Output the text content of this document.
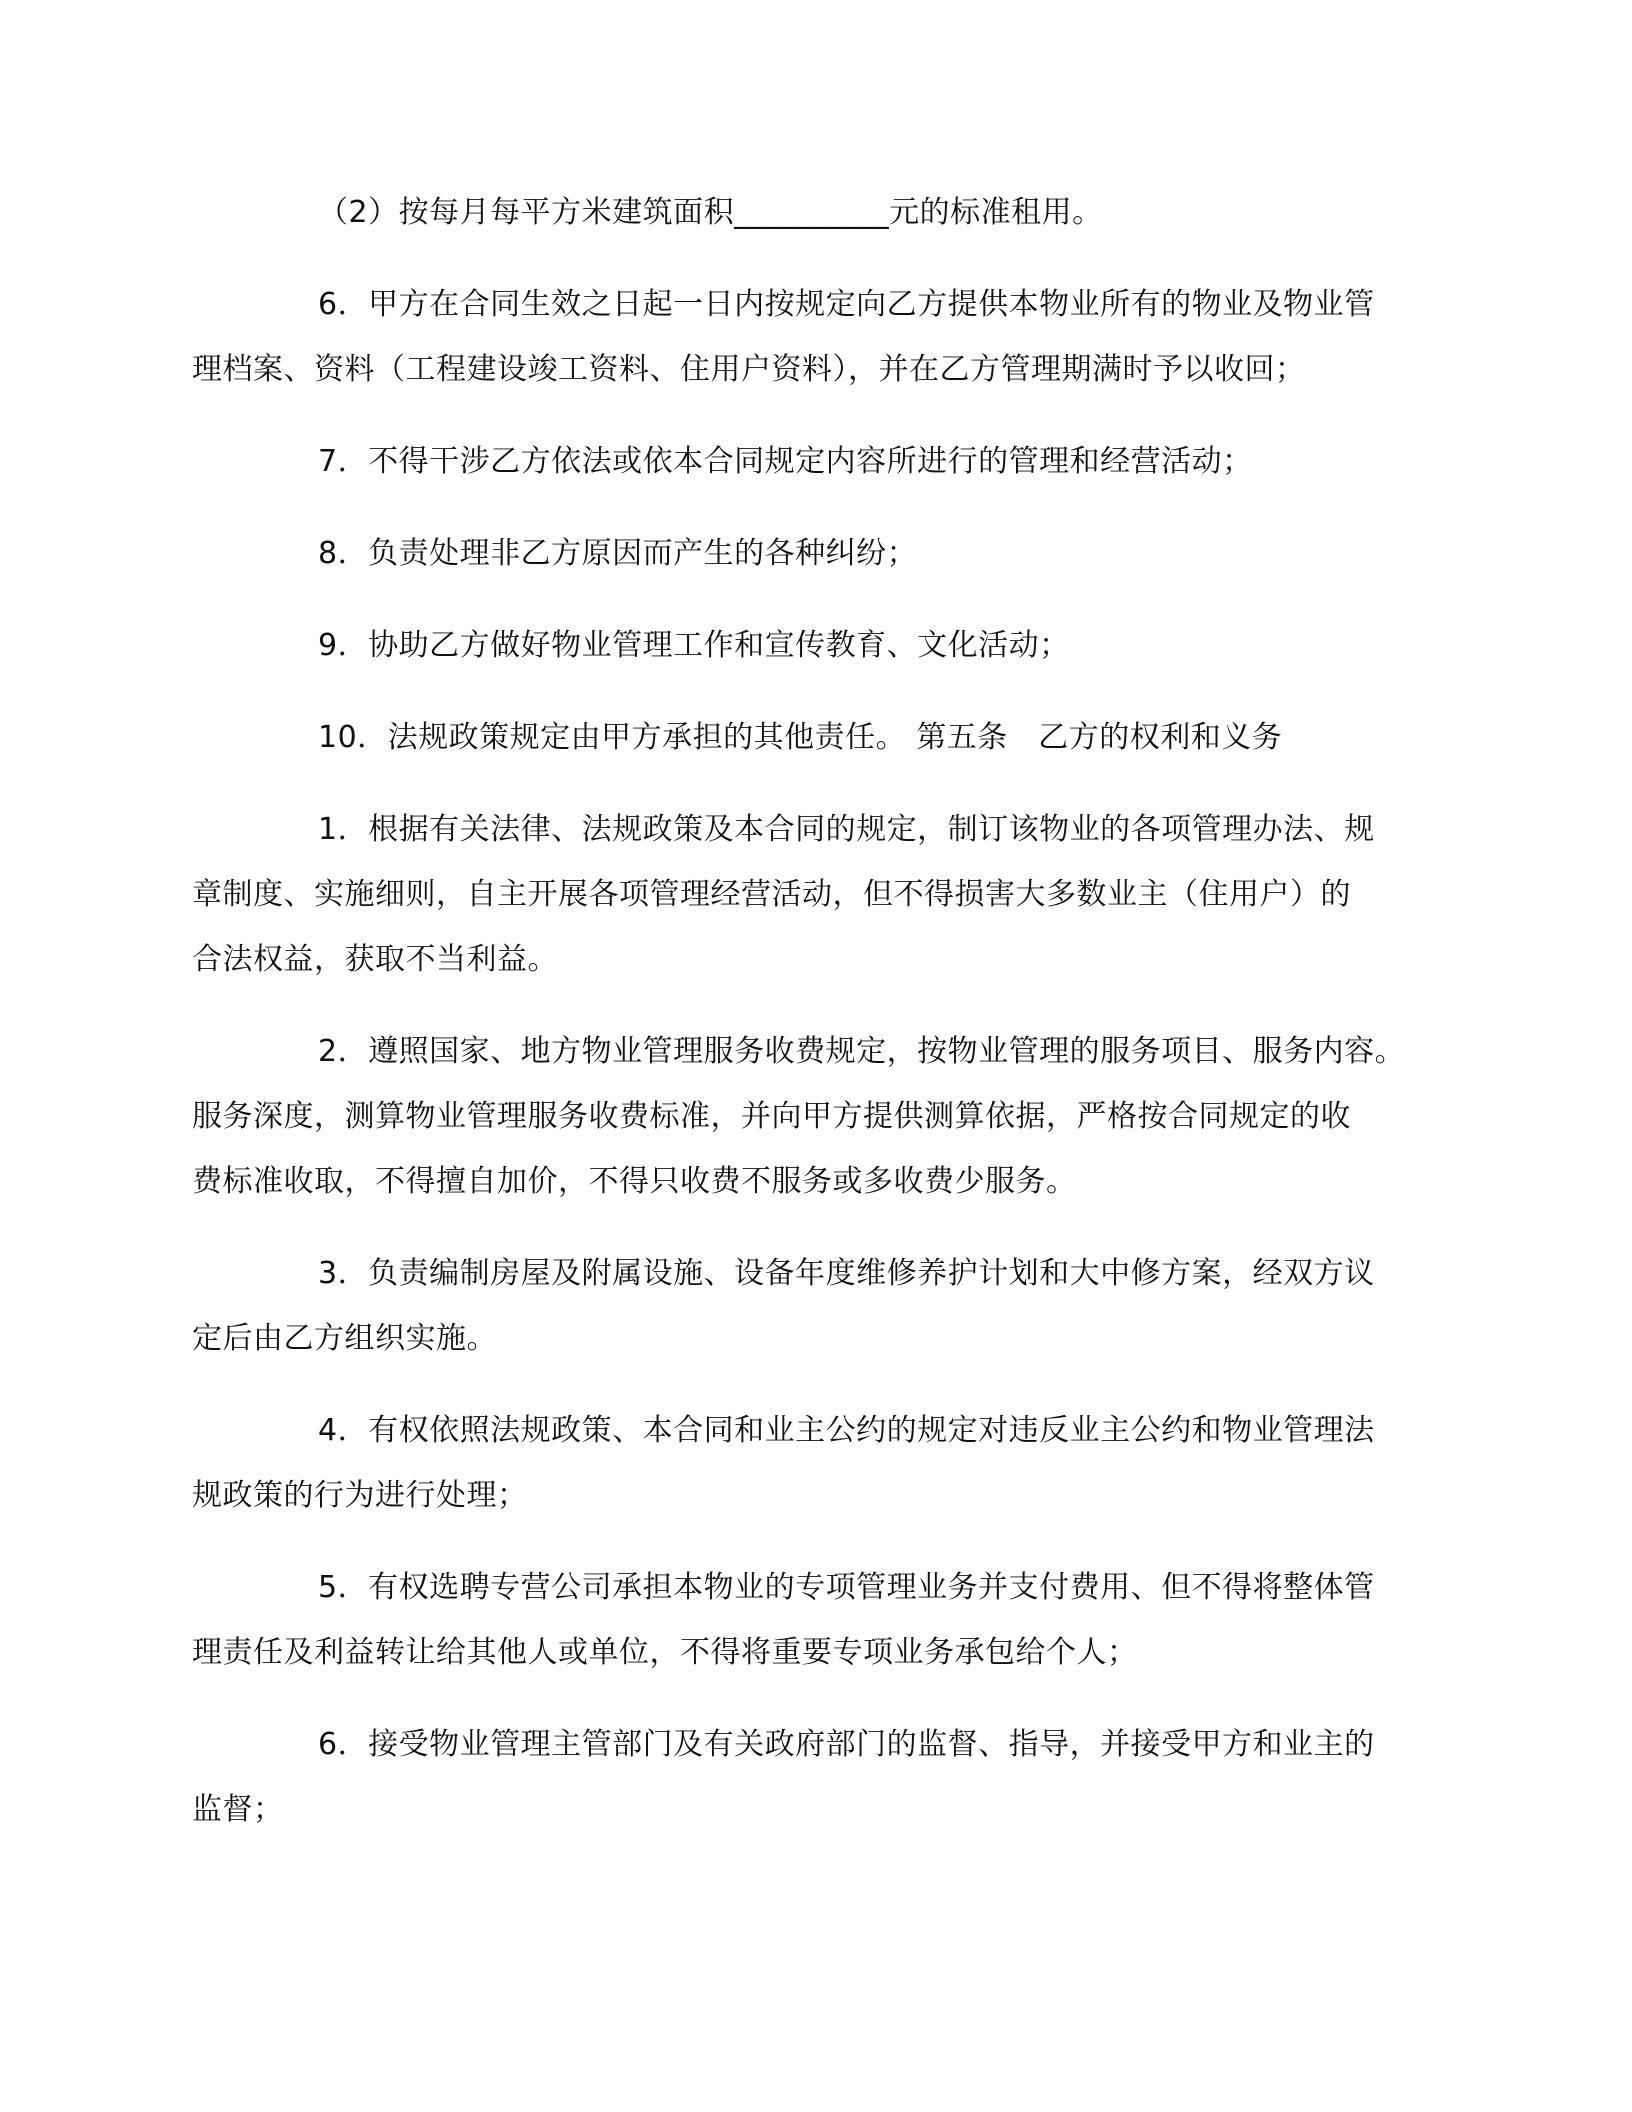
（2）按每月每平方米建筑面积__________元的标准租用。
6．甲方在合同生效之日起一日内按规定向乙方提供本物业所有的物业及物业管
理档案、资料（工程建设竣工资料、住用户资料），并在乙方管理期满时予以收回；
7．不得干涉乙方依法或依本合同规定内容所进行的管理和经营活动；
8．负责处理非乙方原因而产生的各种纠纷；
9．协助乙方做好物业管理工作和宣传教育、文化活动；
10．法规政策规定由甲方承担的其他责任。 第五条　乙方的权利和义务
1．根据有关法律、法规政策及本合同的规定，制订该物业的各项管理办法、规
章制度、实施细则，自主开展各项管理经营活动，但不得损害大多数业主（住用户）的
合法权益，获取不当利益。
2．遵照国家、地方物业管理服务收费规定，按物业管理的服务项目、服务内容。
服务深度，测算物业管理服务收费标准，并向甲方提供测算依据，严格按合同规定的收
费标准收取，不得擅自加价，不得只收费不服务或多收费少服务。
3．负责编制房屋及附属设施、设备年度维修养护计划和大中修方案，经双方议
定后由乙方组织实施。
4．有权依照法规政策、本合同和业主公约的规定对违反业主公约和物业管理法
规政策的行为进行处理；
5．有权选聘专营公司承担本物业的专项管理业务并支付费用、但不得将整体管
理责任及利益转让给其他人或单位，不得将重要专项业务承包给个人；
6．接受物业管理主管部门及有关政府部门的监督、指导，并接受甲方和业主的
监督；
